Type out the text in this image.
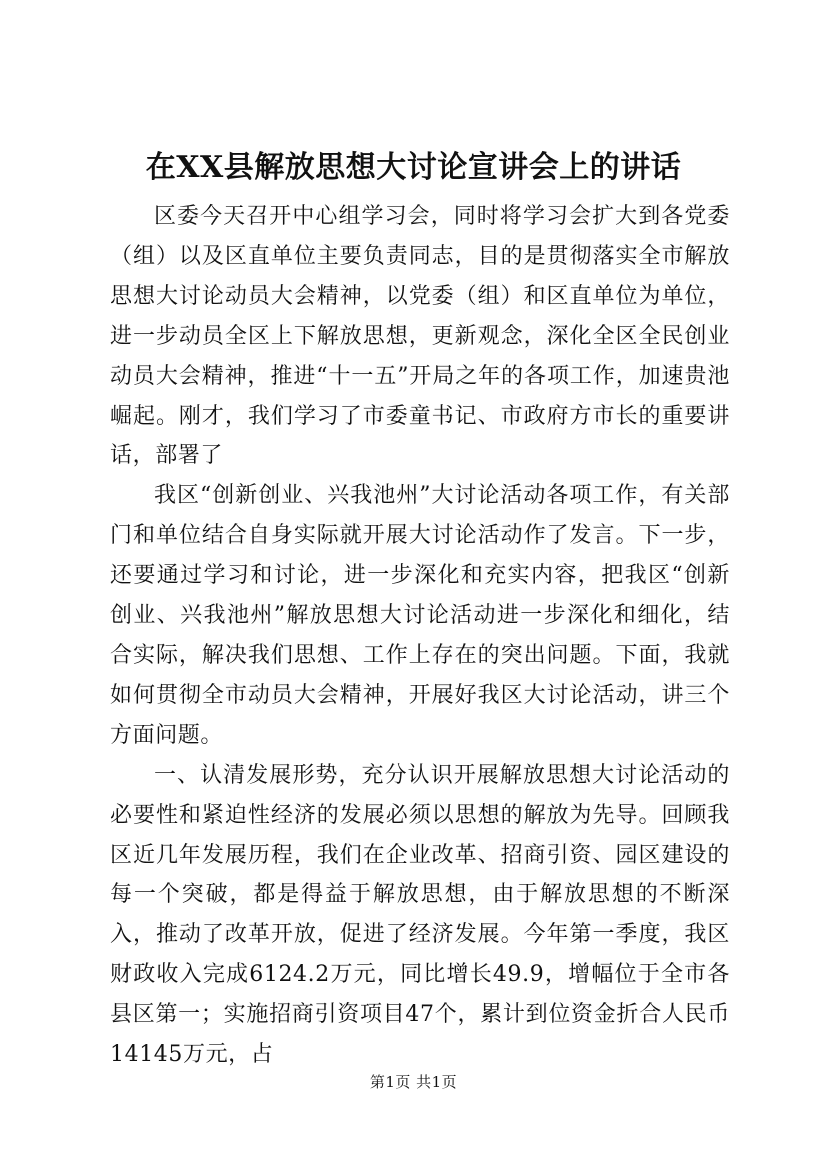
在XX县解放思想大讨论宣讲会上的讲话

区委今天召开中心组学习会，同时将学习会扩大到各党委（组）以及区直单位主要负责同志，目的是贯彻落实全市解放思想大讨论动员大会精神，以党委（组）和区直单位为单位，进一步动员全区上下解放思想，更新观念，深化全区全民创业动员大会精神，推进“十一五”开局之年的各项工作，加速贵池崛起。刚才，我们学习了市委童书记、市政府方市长的重要讲话，部署了

我区“创新创业、兴我池州”大讨论活动各项工作，有关部门和单位结合自身实际就开展大讨论活动作了发言。下一步，还要通过学习和讨论，进一步深化和充实内容，把我区“创新创业、兴我池州”解放思想大讨论活动进一步深化和细化，结合实际，解决我们思想、工作上存在的突出问题。下面，我就如何贯彻全市动员大会精神，开展好我区大讨论活动，讲三个方面问题。

一、认清发展形势，充分认识开展解放思想大讨论活动的必要性和紧迫性经济的发展必须以思想的解放为先导。回顾我区近几年发展历程，我们在企业改革、招商引资、园区建设的每一个突破，都是得益于解放思想，由于解放思想的不断深入，推动了改革开放，促进了经济发展。今年第一季度，我区财政收入完成6124.2万元，同比增长49.9，增幅位于全市各县区第一；实施招商引资项目47个，累计到位资金折合人民币14145万元，占

第1页 共1页
